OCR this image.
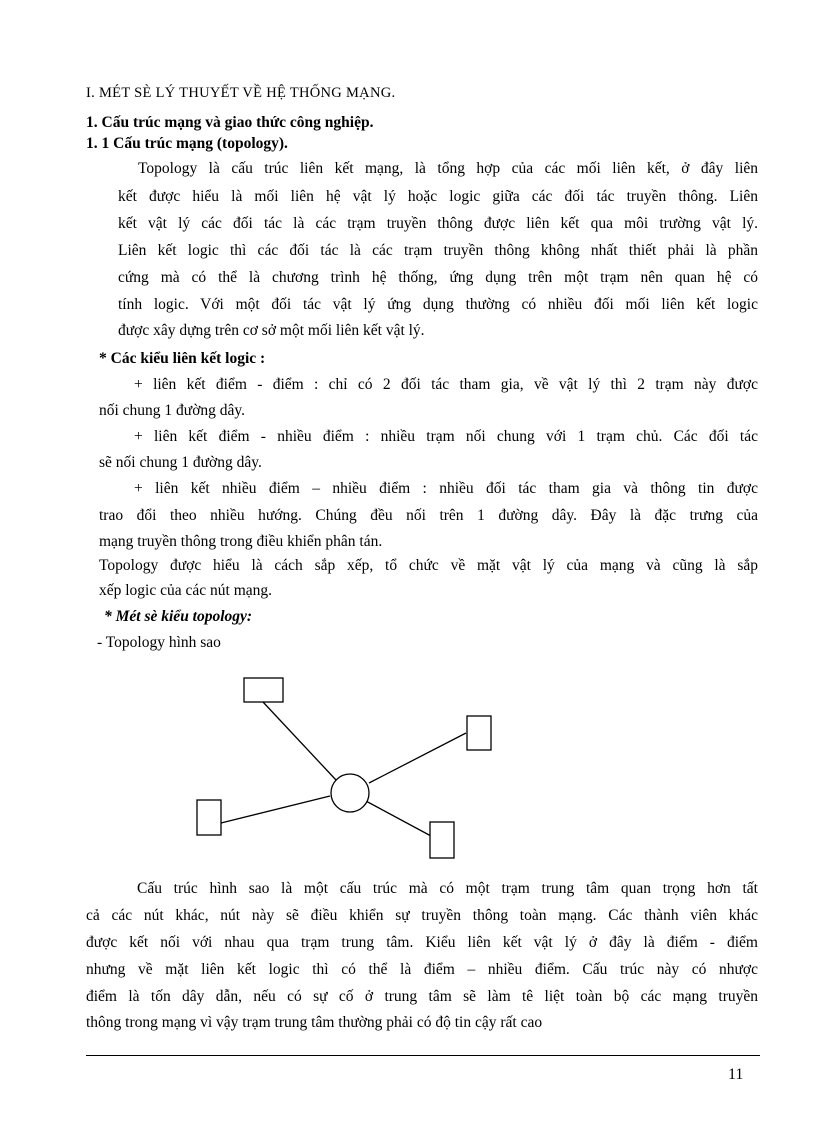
I. MÉT SÈ LÝ THUYẾT VỀ HỆ THỐNG MẠNG.
1. Cấu trúc mạng và giao thức công nghiệp.
1. 1 Cấu trúc mạng (topology).
Topology là cấu trúc liên kết mạng, là tổng hợp của các mối liên kết, ở đây liên
kết được hiểu là mối liên hệ vật lý hoặc logic giữa các đối tác truyền thông. Liên
kết vật lý các đối tác là các trạm truyền thông được liên kết qua môi trường vật lý.
Liên kết logic thì các đối tác là các trạm truyền thông không nhất thiết phải là phần
cứng mà có thể là chương trình hệ thống, ứng dụng trên một trạm nên quan hệ có
tính logic. Với một đối tác vật lý ứng dụng thường có nhiều đối mối liên kết logic
được xây dựng trên cơ sở một mối liên kết vật lý.
* Các kiểu liên kết logic :
+ liên kết điểm - điểm : chỉ có 2 đối tác tham gia, về vật lý thì 2 trạm này được
nối chung 1 đường dây.
+ liên kết điểm - nhiều điểm : nhiều trạm nối chung với 1 trạm chủ. Các đối tác
sẽ nối chung 1 đường dây.
+ liên kết nhiều điểm – nhiều điểm : nhiều đối tác tham gia và thông tin được
trao đổi theo nhiều hướng. Chúng đều nối trên 1 đường dây. Đây là đặc trưng của
mạng truyền thông trong điều khiển phân tán.
Topology được hiểu là cách sắp xếp, tổ chức về mặt vật lý của mạng và cũng là sắp
xếp logic của các nút mạng.
* Mét sè kiểu topology:
- Topology hình sao
Cấu trúc hình sao là một cấu trúc mà có một trạm trung tâm quan trọng hơn tất
cả các nút khác, nút này sẽ điều khiển sự truyền thông toàn mạng. Các thành viên khác
được kết nối với nhau qua trạm trung tâm. Kiểu liên kết vật lý ở đây là điểm - điểm
nhưng về mặt liên kết logic thì có thể là điểm – nhiều điểm. Cấu trúc này có nhược
điểm là tốn dây dẫn, nếu có sự cố ở trung tâm sẽ làm tê liệt toàn bộ các mạng truyền
thông trong mạng vì vậy trạm trung tâm thường phải có độ tin cậy rất cao
11
